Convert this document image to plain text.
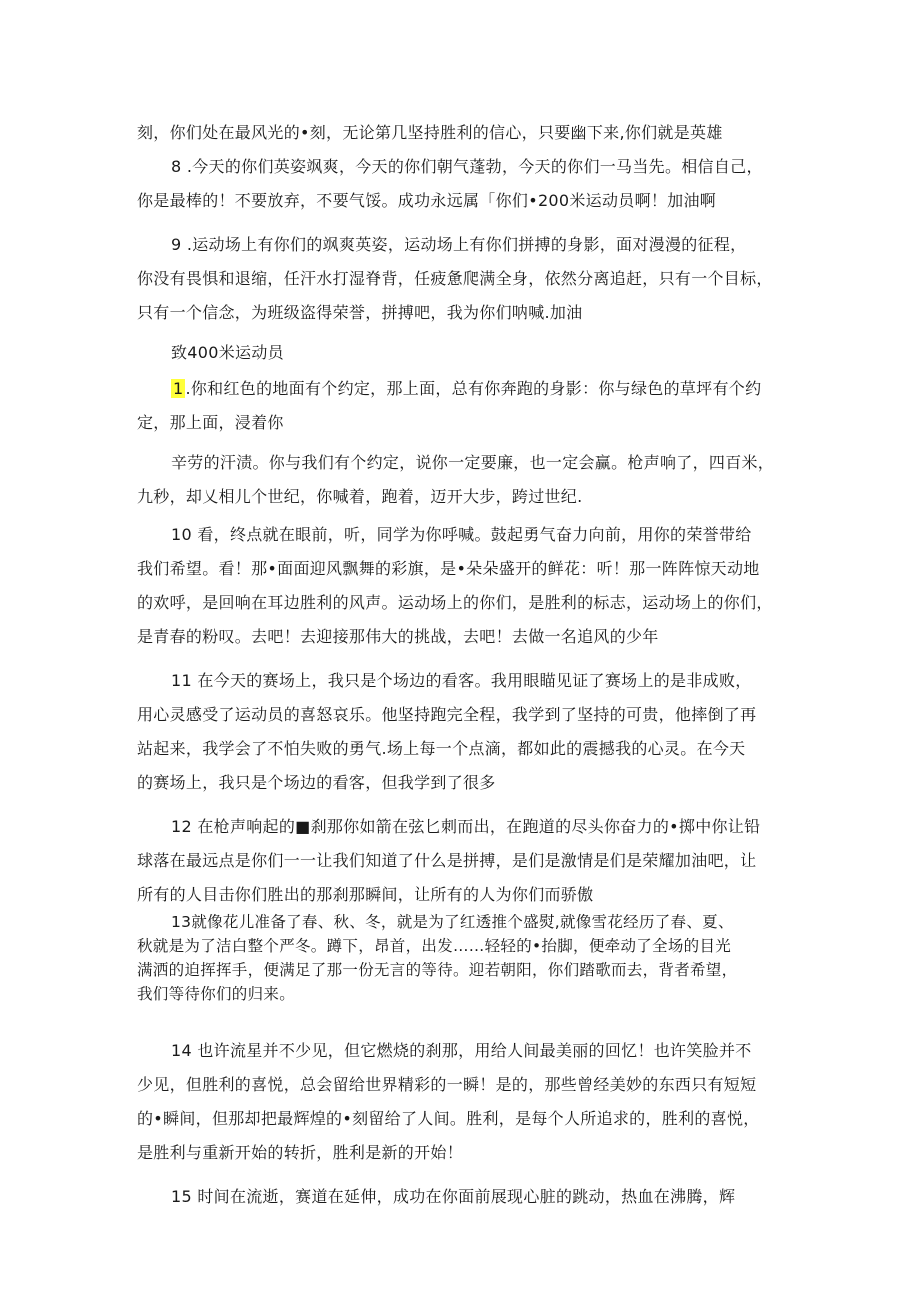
刻，你们处在最风光的•刻，无论第几坚持胜利的信心，只要幽下来,你们就是英雄
8 .今天的你们英姿飒爽，今天的你们朝气蓬勃，今天的你们一马当先。相信自己，
你是最棒的！不要放弃，不要气馁。成功永远属「你们•200米运动员啊！加油啊
9 .运动场上有你们的飒爽英姿，运动场上有你们拼搏的身影，面对漫漫的征程，
你没有畏惧和退缩，任汗水打湿脊背，任疲惫爬满全身，依然分离追赶，只有一个目标，
只有一个信念，为班级盗得荣誉，拼搏吧，我为你们呐喊.加油
致400米运动员
1 .你和红色的地面有个约定，那上面，总有你奔跑的身影：你与绿色的草坪有个约
定，那上面，浸着你
辛劳的汗渍。你与我们有个约定，说你一定要廉，也一定会赢。枪声响了，四百米，
九秒，却乂相儿个世纪，你喊着，跑着，迈开大步，跨过世纪.
10 看，终点就在眼前，听，同学为你呼喊。鼓起勇气奋力向前，用你的荣誉带给
我们希望。看！那•面面迎风飘舞的彩旗，是•朵朵盛开的鲜花：听！那一阵阵惊天动地
的欢呼，是回响在耳边胜利的风声。运动场上的你们，是胜利的标志，运动场上的你们，
是青春的粉叹。去吧！去迎接那伟大的挑战，去吧！去做一名追风的少年
11 在今天的赛场上，我只是个场边的看客。我用眼瞄见证了赛场上的是非成败，
用心灵感受了运动员的喜怒哀乐。他坚持跑完全程，我学到了坚持的可贵，他摔倒了再
站起来，我学会了不怕失败的勇气.场上每一个点滴，都如此的震撼我的心灵。在今天
的赛场上，我只是个场边的看客，但我学到了很多
12 在枪声响起的■刹那你如箭在弦匕刺而出，在跑道的尽头你奋力的•掷中你让铅
球落在最远点是你们一一让我们知道了什么是拼搏，是们是激情是们是荣耀加油吧，让
所有的人目击你们胜出的那刹那瞬间，让所有的人为你们而骄傲
13就像花儿准备了春、秋、冬，就是为了红透推个盛熨,就像雪花经历了春、夏、
秋就是为了洁白整个严冬。蹲下，昂首，出发……轻轻的•抬脚，便牵动了全场的目光
满洒的迫挥挥手，便满足了那一份无言的等待。迎若朝阳，你们踏歌而去，背者希望，
我们等待你们的归来。
14 也许流星并不少见，但它燃烧的刹那，用给人间最美丽的回忆！也许笑脸并不
少见，但胜利的喜悦，总会留给世界精彩的一瞬！是的，那些曾经美妙的东西只有短短
的•瞬间，但那却把最辉煌的•刻留给了人间。胜利，是每个人所追求的，胜利的喜悦，
是胜利与重新开始的转折，胜利是新的开始！
15 时间在流逝，赛道在延伸，成功在你面前展现心脏的跳动，热血在沸腾，辉
